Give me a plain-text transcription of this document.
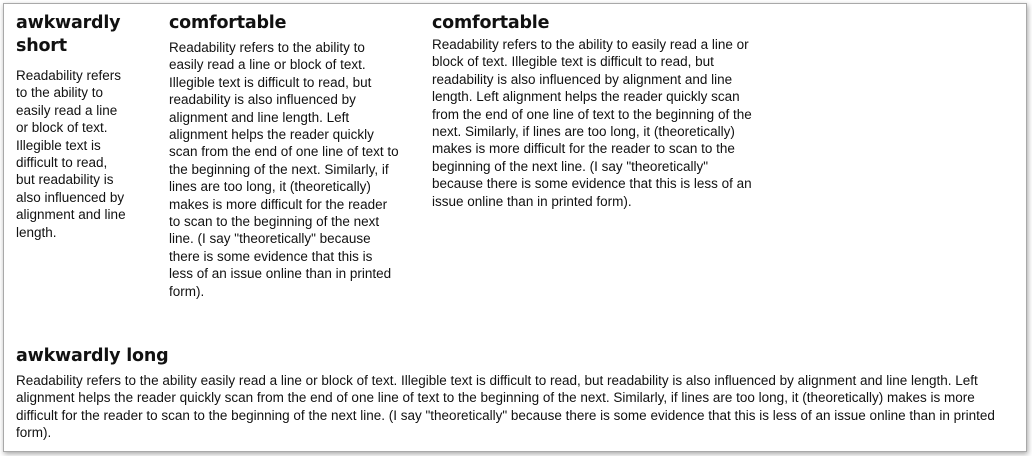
awkwardly short

Readability refers to the ability to easily read a line or block of text. Illegible text is difficult to read, but readability is also influenced by alignment and line length.

comfortable

Readability refers to the ability to easily read a line or block of text. Illegible text is difficult to read, but readability is also influenced by alignment and line length. Left alignment helps the reader quickly scan from the end of one line of text to the beginning of the next. Similarly, if lines are too long, it (theoretically) makes is more difficult for the reader to scan to the beginning of the next line. (I say "theoretically" because there is some evidence that this is less of an issue online than in printed form).

comfortable

Readability refers to the ability to easily read a line or block of text. Illegible text is difficult to read, but readability is also influenced by alignment and line length. Left alignment helps the reader quickly scan from the end of one line of text to the beginning of the next. Similarly, if lines are too long, it (theoretically) makes is more difficult for the reader to scan to the beginning of the next line. (I say "theoretically" because there is some evidence that this is less of an issue online than in printed form).

awkwardly long

Readability refers to the ability easily read a line or block of text. Illegible text is difficult to read, but readability is also influenced by alignment and line length. Left alignment helps the reader quickly scan from the end of one line of text to the beginning of the next. Similarly, if lines are too long, it (theoretically) makes is more difficult for the reader to scan to the beginning of the next line. (I say "theoretically" because there is some evidence that this is less of an issue online than in printed form).
